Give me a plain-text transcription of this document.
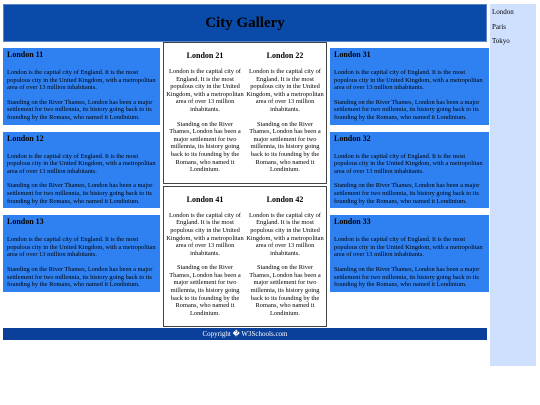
City Gallery
London
Paris
Tokyo
London 11

London is the capital city of England. It is the most populous city in the United Kingdom, with a metropolitan area of over 13 million inhabitants.

Standing on the River Thames, London has been a major settlement for two millennia, its history going back to its founding by the Romans, who named it Londinium.

London 12

London is the capital city of England. It is the most populous city in the United Kingdom, with a metropolitan area of over 13 million inhabitants.

Standing on the River Thames, London has been a major settlement for two millennia, its history going back to its founding by the Romans, who named it Londinium.

London 13

London is the capital city of England. It is the most populous city in the United Kingdom, with a metropolitan area of over 13 million inhabitants.

Standing on the River Thames, London has been a major settlement for two millennia, its history going back to its founding by the Romans, who named it Londinium.

London 21

London is the capital city of England. It is the most populous city in the United Kingdom, with a metropolitan area of over 13 million inhabitants.

Standing on the River Thames, London has been a major settlement for two millennia, its history going back to its founding by the Romans, who named it Londinium.

London 22

London is the capital city of England. It is the most populous city in the United Kingdom, with a metropolitan area of over 13 million inhabitants.

Standing on the River Thames, London has been a major settlement for two millennia, its history going back to its founding by the Romans, who named it Londinium.

London 41

London is the capital city of England. It is the most populous city in the United Kingdom, with a metropolitan area of over 13 million inhabitants.

Standing on the River Thames, London has been a major settlement for two millennia, its history going back to its founding by the Romans, who named it Londinium.

London 42

London is the capital city of England. It is the most populous city in the United Kingdom, with a metropolitan area of over 13 million inhabitants.

Standing on the River Thames, London has been a major settlement for two millennia, its history going back to its founding by the Romans, who named it Londinium.

London 31

London is the capital city of England. It is the most populous city in the United Kingdom, with a metropolitan area of over 13 million inhabitants.

Standing on the River Thames, London has been a major settlement for two millennia, its history going back to its founding by the Romans, who named it Londinium.

London 32

London is the capital city of England. It is the most populous city in the United Kingdom, with a metropolitan area of over 13 million inhabitants.

Standing on the River Thames, London has been a major settlement for two millennia, its history going back to its founding by the Romans, who named it Londinium.

London 33

London is the capital city of England. It is the most populous city in the United Kingdom, with a metropolitan area of over 13 million inhabitants.

Standing on the River Thames, London has been a major settlement for two millennia, its history going back to its founding by the Romans, who named it Londinium.

Copyright � W3Schools.com
